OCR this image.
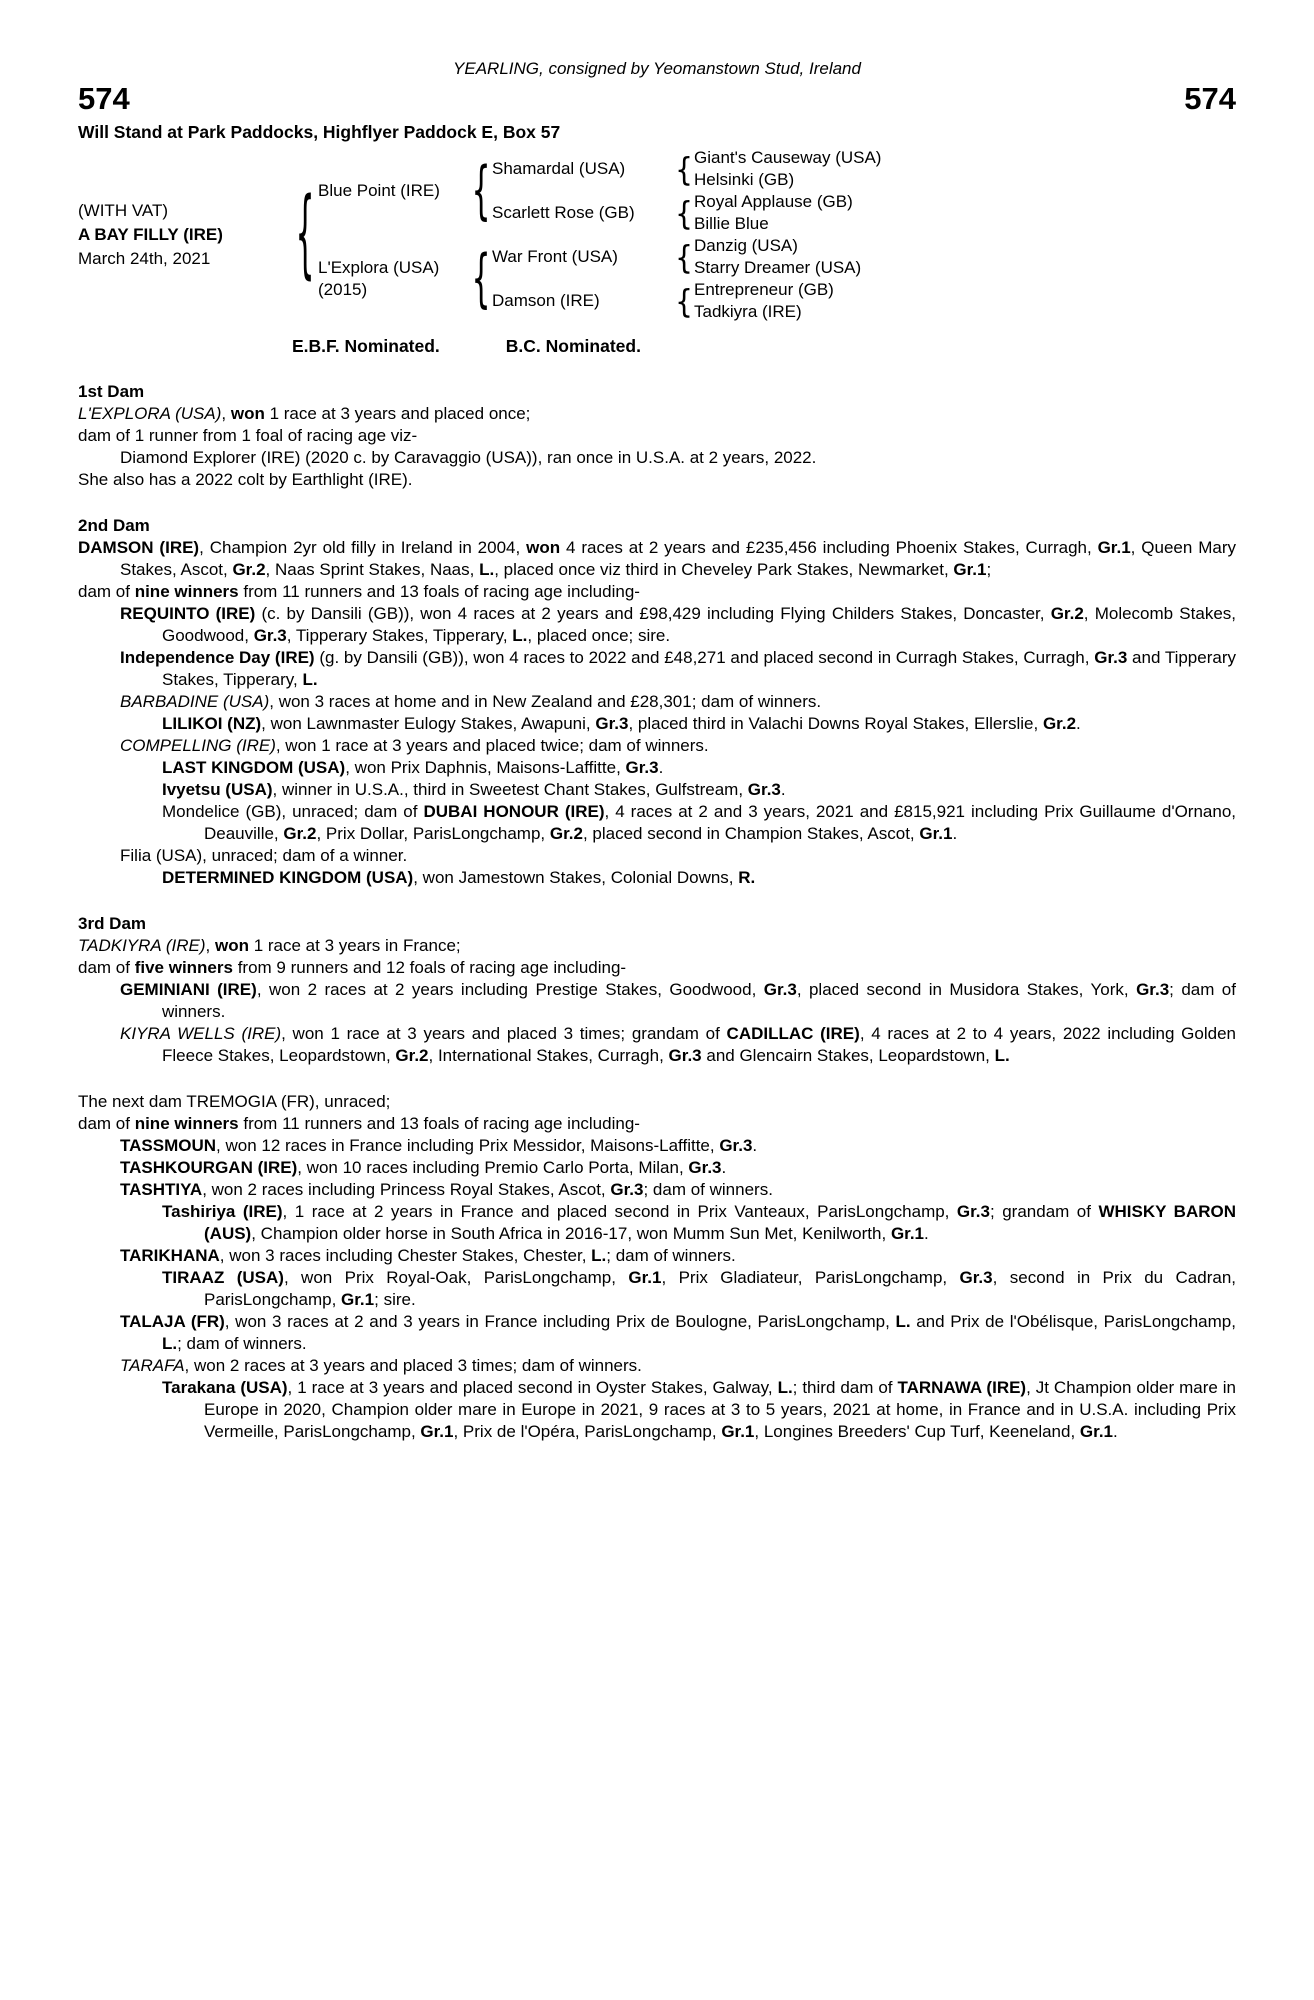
YEARLING, consigned by Yeomanstown Stud, Ireland
574	574
Will Stand at Park Paddocks, Highflyer Paddock E, Box 57
(WITH VAT)
A BAY FILLY (IRE)
March 24th, 2021	{ Blue Point (IRE)	{ Shamardal (USA)	{ Giant's Causeway (USA)
Helsinki (GB)
Scarlett Rose (GB)	{ Royal Applause (GB)
Billie Blue
L'Explora (USA)
(2015)	{ War Front (USA)	{ Danzig (USA)
Starry Dreamer (USA)
Damson (IRE)	{ Entrepreneur (GB)
Tadkiyra (IRE)
E.B.F. Nominated.	B.C. Nominated.
1st Dam
L'EXPLORA (USA), won 1 race at 3 years and placed once;
dam of 1 runner from 1 foal of racing age viz-
Diamond Explorer (IRE) (2020 c. by Caravaggio (USA)), ran once in U.S.A. at 2 years, 2022.
She also has a 2022 colt by Earthlight (IRE).
2nd Dam
DAMSON (IRE), Champion 2yr old filly in Ireland in 2004, won 4 races at 2 years and £235,456 including Phoenix Stakes, Curragh, Gr.1, Queen Mary Stakes, Ascot, Gr.2, Naas Sprint Stakes, Naas, L., placed once viz third in Cheveley Park Stakes, Newmarket, Gr.1;
dam of nine winners from 11 runners and 13 foals of racing age including-
REQUINTO (IRE) (c. by Dansili (GB)), won 4 races at 2 years and £98,429 including Flying Childers Stakes, Doncaster, Gr.2, Molecomb Stakes, Goodwood, Gr.3, Tipperary Stakes, Tipperary, L., placed once; sire.
Independence Day (IRE) (g. by Dansili (GB)), won 4 races to 2022 and £48,271 and placed second in Curragh Stakes, Curragh, Gr.3 and Tipperary Stakes, Tipperary, L.
BARBADINE (USA), won 3 races at home and in New Zealand and £28,301; dam of winners.
LILIKOI (NZ), won Lawnmaster Eulogy Stakes, Awapuni, Gr.3, placed third in Valachi Downs Royal Stakes, Ellerslie, Gr.2.
COMPELLING (IRE), won 1 race at 3 years and placed twice; dam of winners.
LAST KINGDOM (USA), won Prix Daphnis, Maisons-Laffitte, Gr.3.
Ivyetsu (USA), winner in U.S.A., third in Sweetest Chant Stakes, Gulfstream, Gr.3.
Mondelice (GB), unraced; dam of DUBAI HONOUR (IRE), 4 races at 2 and 3 years, 2021 and £815,921 including Prix Guillaume d'Ornano, Deauville, Gr.2, Prix Dollar, ParisLongchamp, Gr.2, placed second in Champion Stakes, Ascot, Gr.1.
Filia (USA), unraced; dam of a winner.
DETERMINED KINGDOM (USA), won Jamestown Stakes, Colonial Downs, R.
3rd Dam
TADKIYRA (IRE), won 1 race at 3 years in France;
dam of five winners from 9 runners and 12 foals of racing age including-
GEMINIANI (IRE), won 2 races at 2 years including Prestige Stakes, Goodwood, Gr.3, placed second in Musidora Stakes, York, Gr.3; dam of winners.
KIYRA WELLS (IRE), won 1 race at 3 years and placed 3 times; grandam of CADILLAC (IRE), 4 races at 2 to 4 years, 2022 including Golden Fleece Stakes, Leopardstown, Gr.2, International Stakes, Curragh, Gr.3 and Glencairn Stakes, Leopardstown, L.
The next dam TREMOGIA (FR), unraced;
dam of nine winners from 11 runners and 13 foals of racing age including-
TASSMOUN, won 12 races in France including Prix Messidor, Maisons-Laffitte, Gr.3.
TASHKOURGAN (IRE), won 10 races including Premio Carlo Porta, Milan, Gr.3.
TASHTIYA, won 2 races including Princess Royal Stakes, Ascot, Gr.3; dam of winners.
Tashiriya (IRE), 1 race at 2 years in France and placed second in Prix Vanteaux, ParisLongchamp, Gr.3; grandam of WHISKY BARON (AUS), Champion older horse in South Africa in 2016-17, won Mumm Sun Met, Kenilworth, Gr.1.
TARIKHANA, won 3 races including Chester Stakes, Chester, L.; dam of winners.
TIRAAZ (USA), won Prix Royal-Oak, ParisLongchamp, Gr.1, Prix Gladiateur, ParisLongchamp, Gr.3, second in Prix du Cadran, ParisLongchamp, Gr.1; sire.
TALAJA (FR), won 3 races at 2 and 3 years in France including Prix de Boulogne, ParisLongchamp, L. and Prix de l'Obélisque, ParisLongchamp, L.; dam of winners.
TARAFA, won 2 races at 3 years and placed 3 times; dam of winners.
Tarakana (USA), 1 race at 3 years and placed second in Oyster Stakes, Galway, L.; third dam of TARNAWA (IRE), Jt Champion older mare in Europe in 2020, Champion older mare in Europe in 2021, 9 races at 3 to 5 years, 2021 at home, in France and in U.S.A. including Prix Vermeille, ParisLongchamp, Gr.1, Prix de l'Opéra, ParisLongchamp, Gr.1, Longines Breeders' Cup Turf, Keeneland, Gr.1.
